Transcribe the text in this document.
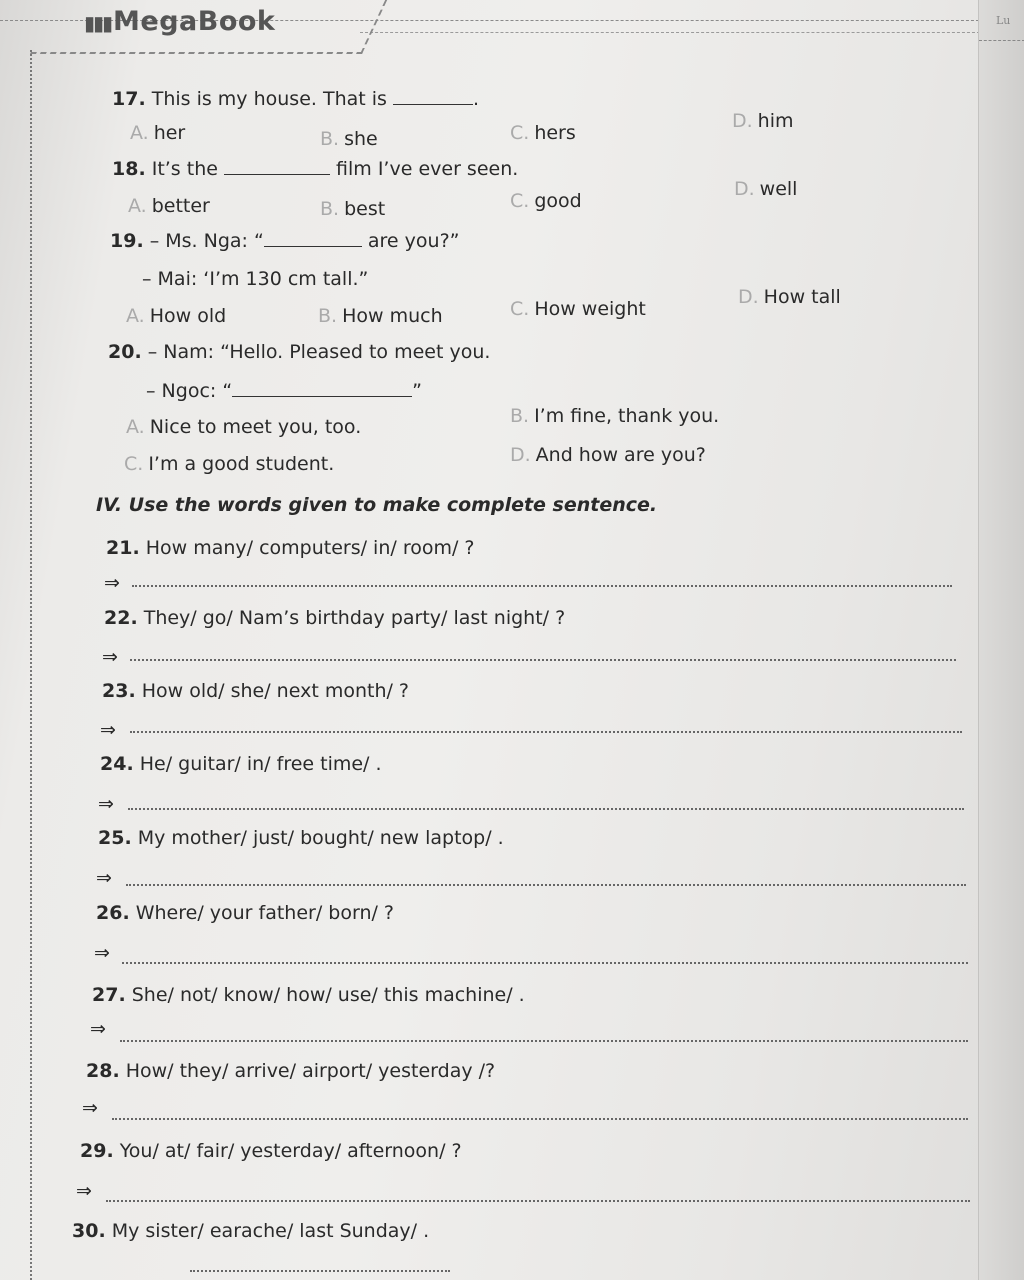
▮▮▮MegaBook	Lu
17. This is my house. That is	.
A. her	B. she	C. hers
D. him
18. It’s the	film I’ve ever seen.
A. better	B. best	C. good
D. well
19. – Ms. Nga: “	are you?”
– Mai: ‘I’m 130 cm tall.”
A. How old	B. How much	C. How weight
D. How tall
20. – Nam: “Hello. Pleased to meet you.
– Ngoc: “	”
A. Nice to meet you, too.	B. I’m fine, thank you.
C. I’m a good student.	D. And how are you?
IV. Use the words given to make complete sentence.
21. How many/ computers/ in/ room/ ?
⇒
22. They/ go/ Nam’s birthday party/ last night/ ?
⇒
23. How old/ she/ next month/ ?
⇒
24. He/ guitar/ in/ free time/ .
⇒
25. My mother/ just/ bought/ new laptop/ .
⇒
26. Where/ your father/ born/ ?
⇒
27. She/ not/ know/ how/ use/ this machine/ .
⇒
28. How/ they/ arrive/ airport/ yesterday /?
⇒
29. You/ at/ fair/ yesterday/ afternoon/ ?
⇒
30. My sister/ earache/ last Sunday/ .
